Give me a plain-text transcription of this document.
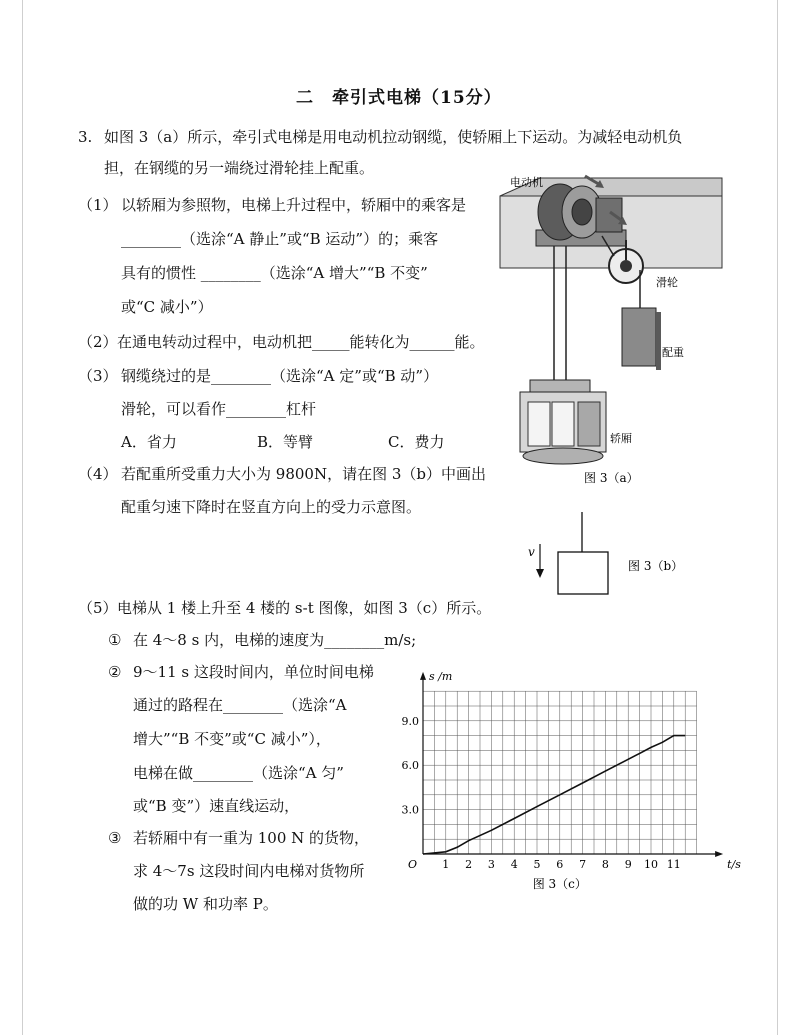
二　牵引式电梯（15分）
3. 如图 3（a）所示，牵引式电梯是用电动机拉动钢缆，使轿厢上下运动。为减轻电动机负
担，在钢缆的另一端绕过滑轮挂上配重。
（1） 以轿厢为参照物，电梯上升过程中，轿厢中的乘客是
________（选涂“A 静止”或“B 运动”）的；乘客
具有的惯性 ________（选涂“A 增大”“B 不变”
或“C 减小”）
（2） 在通电转动过程中，电动机把_____能转化为______能。
（3） 钢缆绕过的是________（选涂“A 定”或“B 动”）
滑轮，可以看作________杠杆
A．省力	B．等臂	C．费力
（4） 若配重所受重力大小为 9800N，请在图 3（b）中画出
配重匀速下降时在竖直方向上的受力示意图。
（5） 电梯从 1 楼上升至 4 楼的 s-t 图像，如图 3（c）所示。
① 在 4～8 s 内，电梯的速度为________m/s;
② 9～11 s 这段时间内，单位时间电梯
通过的路程在________（选涂“A
增大”“B 不变”或“C 减小”），
电梯在做________（选涂“A 匀”
或“B 变”）速直线运动，
③ 若轿厢中有一重为 100 N 的货物，
求 4～7s 这段时间内电梯对货物所
做的功 W 和功率 P。
电动机
滑轮
配重
轿厢
图 3（a）
v
图 3（b）
1 2 3 4 5 6 7 8 9 10 11
3.0
6.0
9.0
O	t/s
s /m
图 3（c）
